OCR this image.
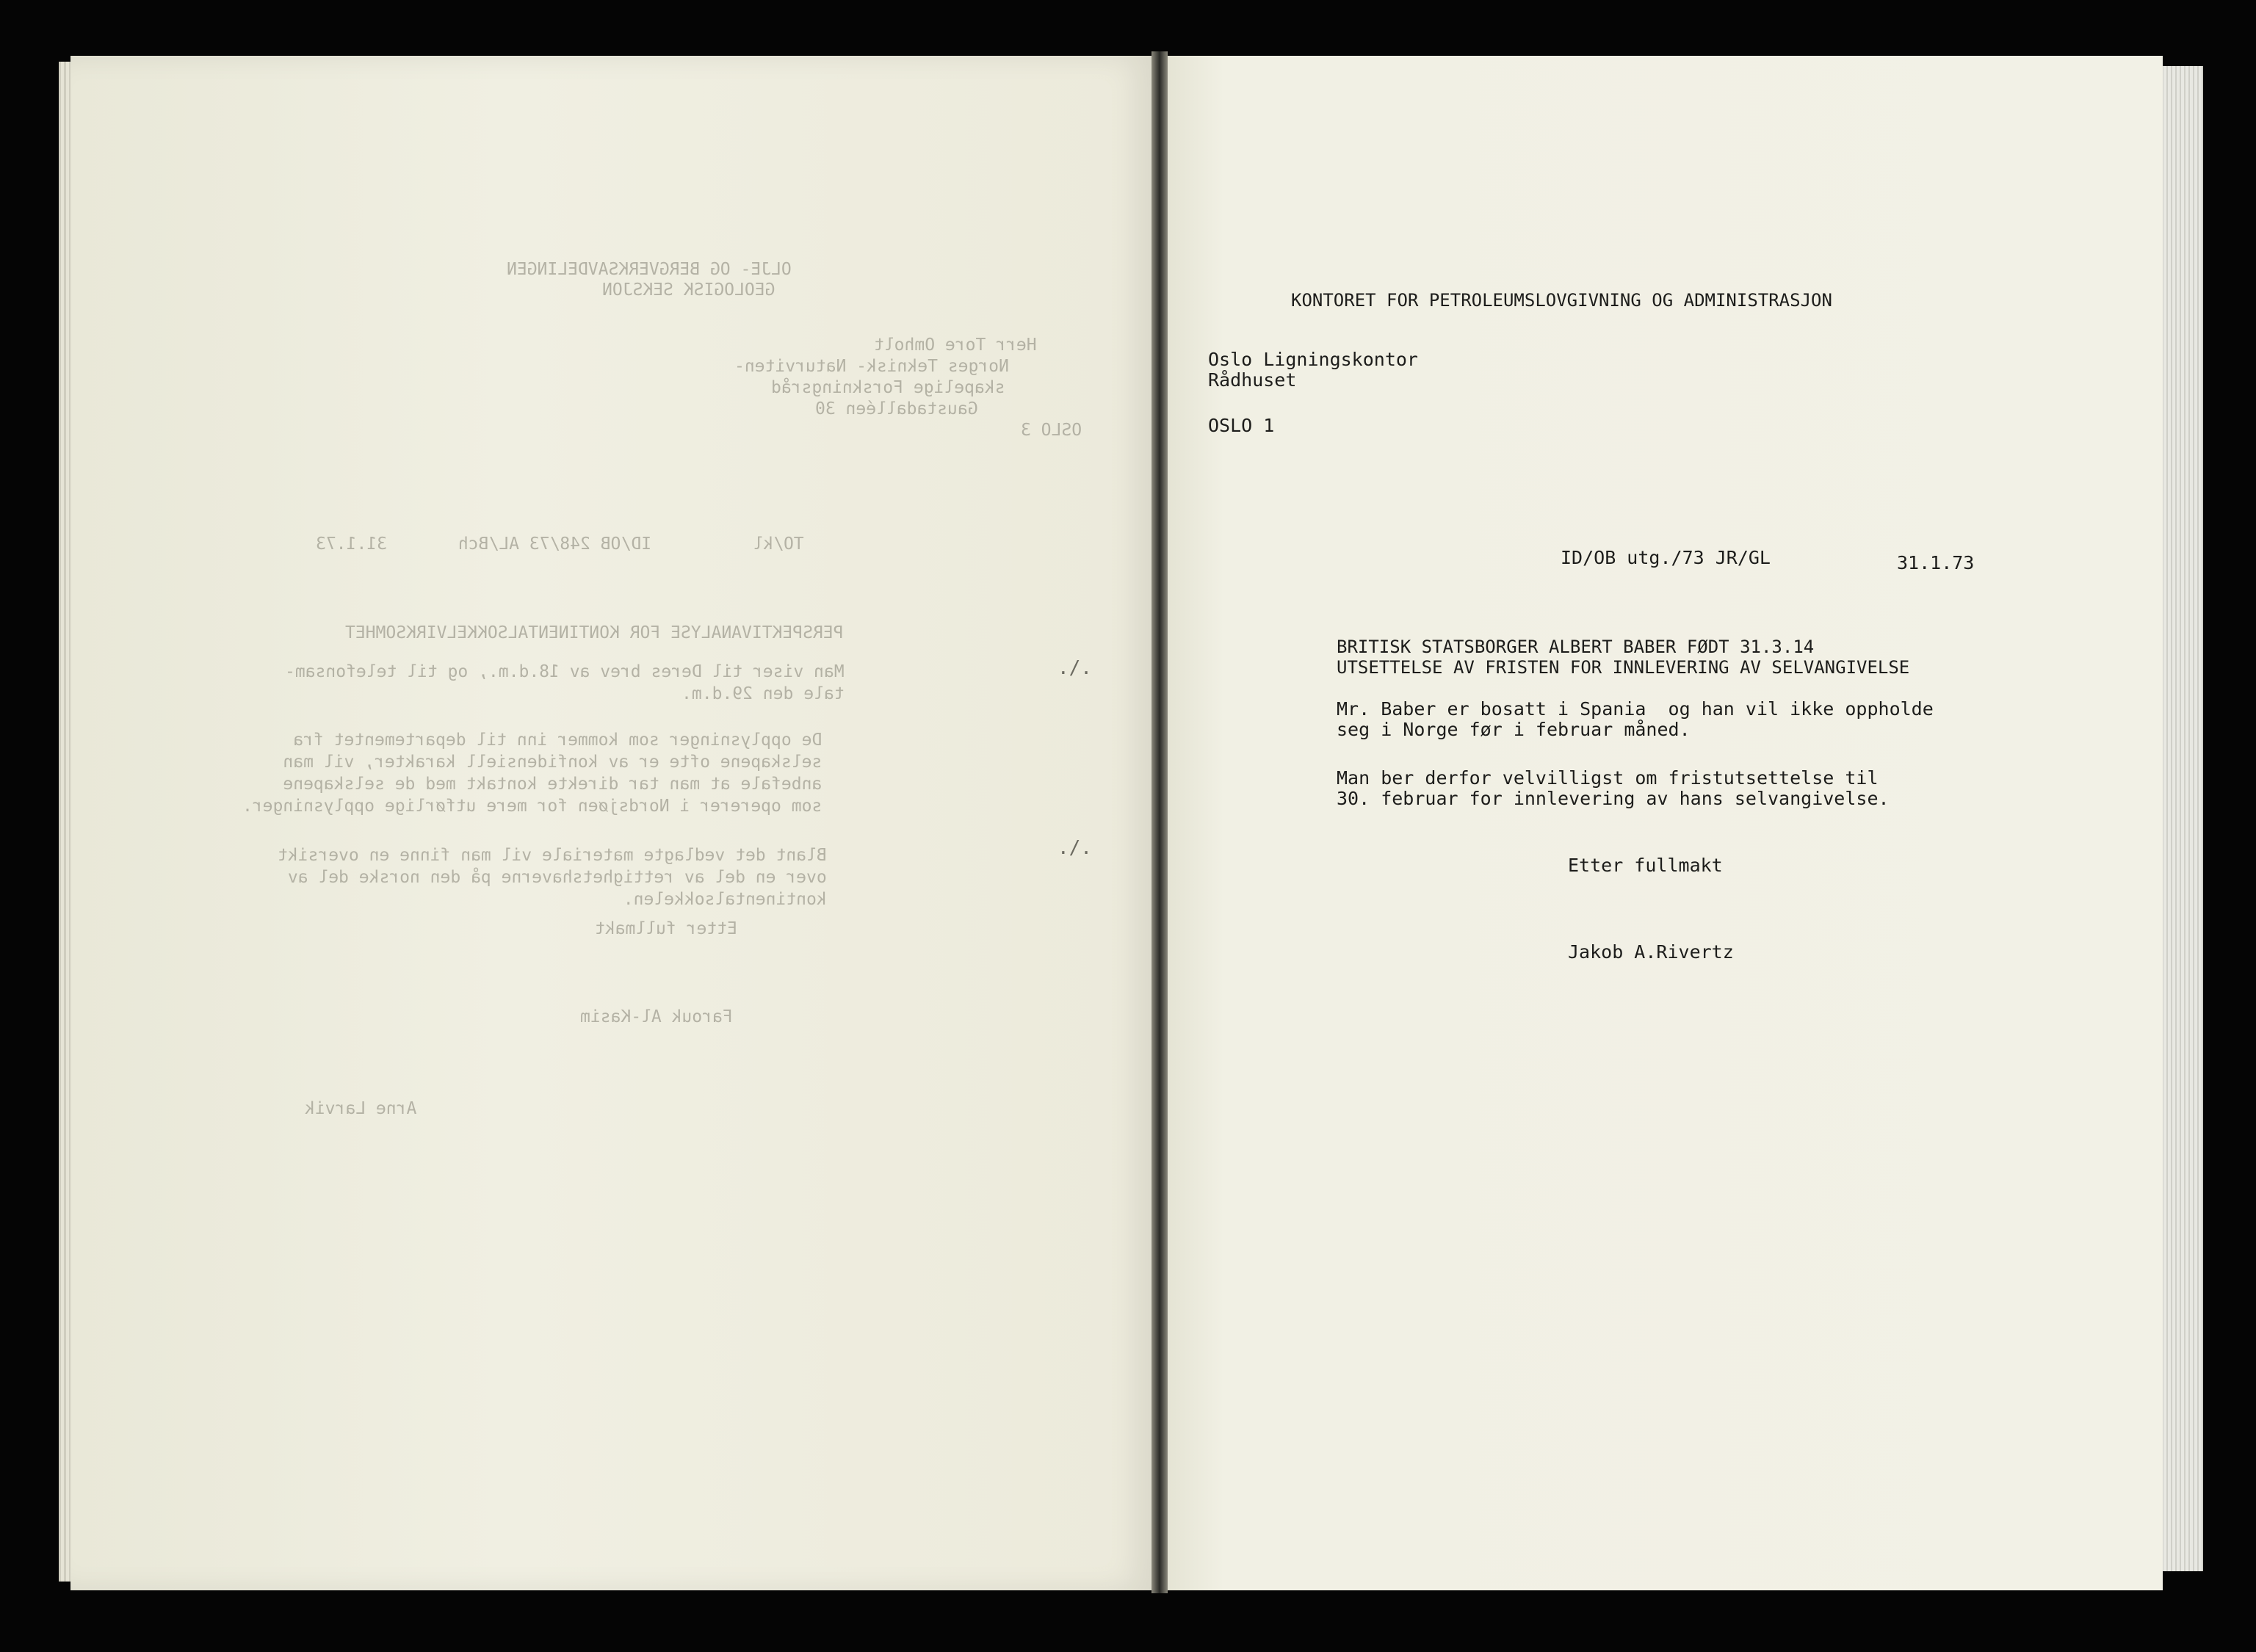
OLJE- OG BERGVERKSAVDELINGEN
GEOLOGISK SEKSJON
Herr Tore Omholt
Norges Teknisk- Naturviten-
skapelige Forskningsråd
Gaustadalléen 30
OSLO 3
TO/kl          ID/OB 248/73 AL/Bch       31.1.73
PERSPEKTIVANALYSE FOR KONTINENTALSOKKELVIRKSOMHET
Man viser til Deres brev av 18.d.m., og til telefonsam-
tale den 29.d.m.
De opplysninger som kommer inn til departementet fra
selskapene ofte er av konfidensiell karakter, vil man
anbefale at man tar direkte kontakt med de selskapene
som opererer i Nordsjøen for mere utførlige opplysninger.
Blant det vedlagte materiale vil man finne en oversikt
over en del av rettighetshaverne på den norske del av
kontinentalsokkelen.
Etter fullmakt
Farouk Al-Kasim
Arne Larvik
./.
./.
KONTORET FOR PETROLEUMSLOVGIVNING OG ADMINISTRASJON
Oslo Ligningskontor
Rådhuset
OSLO 1
ID/OB utg./73 JR/GL	31.1.73
BRITISK STATSBORGER ALBERT BABER FØDT 31.3.14
UTSETTELSE AV FRISTEN FOR INNLEVERING AV SELVANGIVELSE
Mr. Baber er bosatt i Spania  og han vil ikke oppholde
seg i Norge før i februar måned.
Man ber derfor velvilligst om fristutsettelse til
30. februar for innlevering av hans selvangivelse.
Etter fullmakt
Jakob A.Rivertz
